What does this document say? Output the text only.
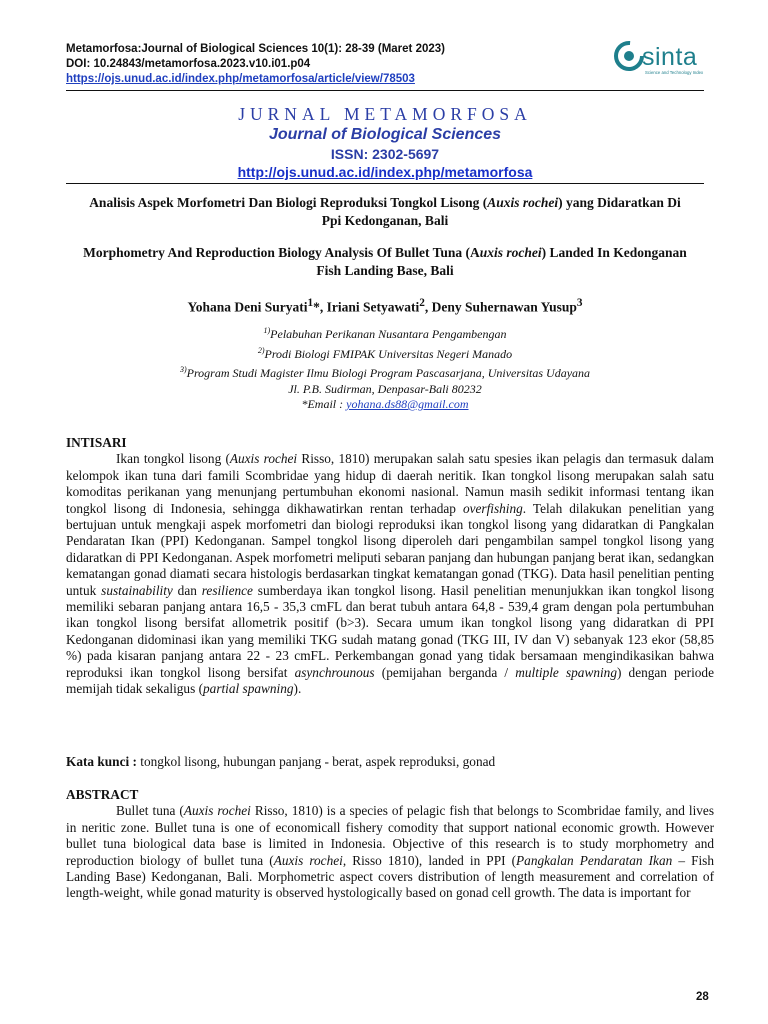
Metamorfosa:Journal of Biological Sciences 10(1): 28-39 (Maret 2023)
DOI: 10.24843/metamorfosa.2023.v10.i01.p04
https://ojs.unud.ac.id/index.php/metamorfosa/article/view/78503
sinta
Science and Technology Index
JURNAL METAMORFOSA
Journal of Biological Sciences
ISSN: 2302-5697
http://ojs.unud.ac.id/index.php/metamorfosa
Analisis Aspek Morfometri Dan Biologi Reproduksi Tongkol Lisong (Auxis rochei) yang Didaratkan Di Ppi Kedonganan, Bali
Morphometry And Reproduction Biology Analysis Of Bullet Tuna (Auxis rochei) Landed In Kedonganan Fish Landing Base, Bali
Yohana Deni Suryati$^1$*, Iriani Setyawati$^2$, Deny Suhernawan Yusup$^3$
$^{1)}$Pelabuhan Perikanan Nusantara Pengambengan
$^{2)}$Prodi Biologi FMIPAK Universitas Negeri Manado
$^{3)}$Program Studi Magister Ilmu Biologi Program Pascasarjana, Universitas Udayana
Jl. P.B. Sudirman, Denpasar-Bali 80232
*Email : yohana.ds88@gmail.com
INTISARI
Ikan tongkol lisong (Auxis rochei Risso, 1810) merupakan salah satu spesies ikan pelagis dan termasuk dalam kelompok ikan tuna dari famili Scombridae yang hidup di daerah neritik. Ikan tongkol lisong merupakan salah satu komoditas perikanan yang menunjang pertumbuhan ekonomi nasional. Namun masih sedikit informasi tentang ikan tongkol lisong di Indonesia, sehingga dikhawatirkan rentan terhadap overfishing. Telah dilakukan penelitian yang bertujuan untuk mengkaji aspek morfometri dan biologi reproduksi ikan tongkol lisong yang didaratkan di Pangkalan Pendaratan Ikan (PPI) Kedonganan. Sampel tongkol lisong diperoleh dari pengambilan sampel tongkol lisong yang didaratkan di PPI Kedonganan. Aspek morfometri meliputi sebaran panjang dan hubungan panjang berat ikan, sedangkan kematangan gonad diamati secara histologis berdasarkan tingkat kematangan gonad (TKG). Data hasil penelitian penting untuk sustainability dan resilience sumberdaya ikan tongkol lisong. Hasil penelitian menunjukkan ikan tongkol lisong memiliki sebaran panjang antara 16,5 - 35,3 cmFL dan berat tubuh antara 64,8 - 539,4 gram dengan pola pertumbuhan ikan tongkol lisong bersifat allometrik positif (b>3). Secara umum ikan tongkol lisong yang didaratkan di PPI Kedonganan didominasi ikan yang memiliki TKG sudah matang gonad (TKG III, IV dan V) sebanyak 123 ekor (58,85 %) pada kisaran panjang antara 22 - 23 cmFL. Perkembangan gonad yang tidak bersamaan mengindikasikan bahwa reproduksi ikan tongkol lisong bersifat asynchrounous (pemijahan berganda / multiple spawning) dengan periode memijah tidak sekaligus (partial spawning).
Kata kunci : tongkol lisong, hubungan panjang - berat, aspek reproduksi, gonad
ABSTRACT
Bullet tuna (Auxis rochei Risso, 1810) is a species of pelagic fish that belongs to Scombridae family, and lives in neritic zone. Bullet tuna is one of economicall fishery comodity that support national economic growth. However bullet tuna biological data base is limited in Indonesia. Objective of this research is to study morphometry and reproduction biology of bullet tuna (Auxis rochei, Risso 1810), landed in PPI (Pangkalan Pendaratan Ikan – Fish Landing Base) Kedonganan, Bali. Morphometric aspect covers distribution of length measurement and correlation of length-weight, while gonad maturity is observed hystologically based on gonad cell growth. The data is important for
28
